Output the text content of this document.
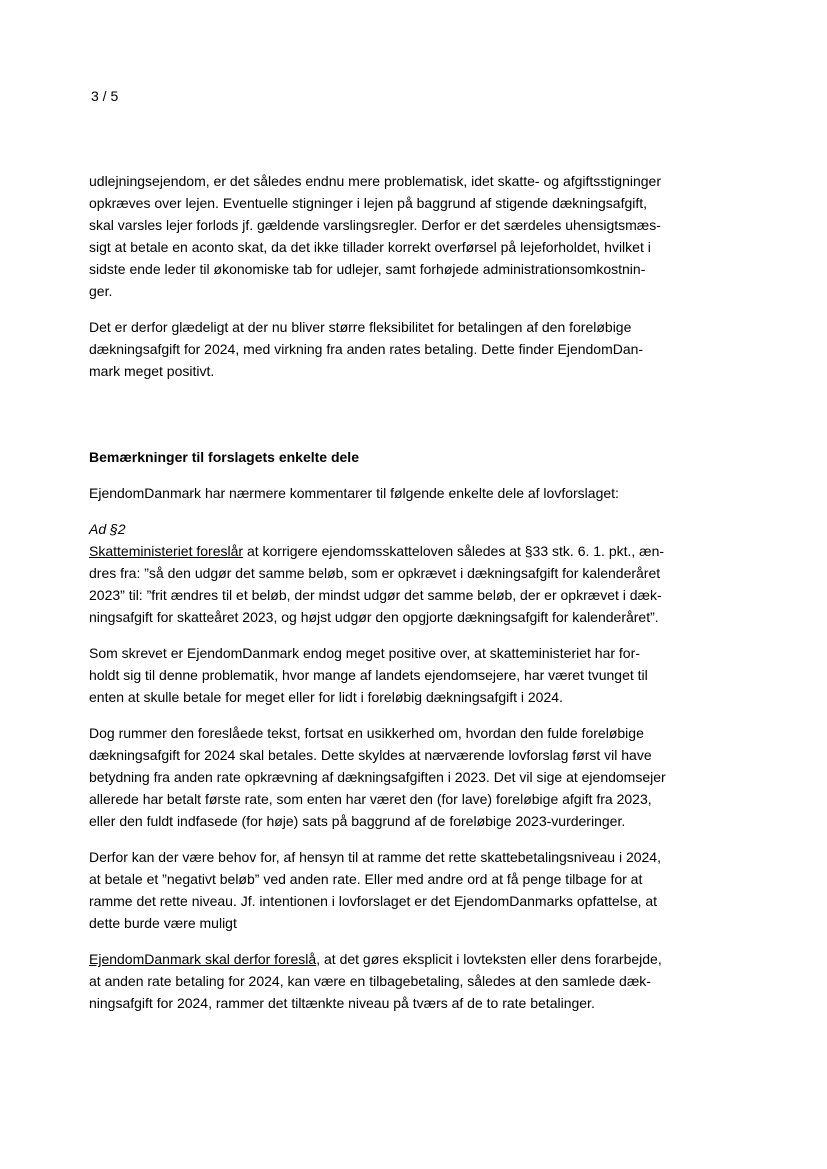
3 / 5

udlejningsejendom, er det således endnu mere problematisk, idet skatte- og afgiftsstigninger
opkræves over lejen. Eventuelle stigninger i lejen på baggrund af stigende dækningsafgift,
skal varsles lejer forlods jf. gældende varslingsregler. Derfor er det særdeles uhensigtsmæs-
sigt at betale en aconto skat, da det ikke tillader korrekt overførsel på lejeforholdet, hvilket i
sidste ende leder til økonomiske tab for udlejer, samt forhøjede administrationsomkostnin-
ger.

Det er derfor glædeligt at der nu bliver større fleksibilitet for betalingen af den foreløbige
dækningsafgift for 2024, med virkning fra anden rates betaling. Dette finder EjendomDan-
mark meget positivt.

Bemærkninger til forslagets enkelte dele

EjendomDanmark har nærmere kommentarer til følgende enkelte dele af lovforslaget:

Ad §2

Skatteministeriet foreslår at korrigere ejendomsskatteloven således at §33 stk. 6. 1. pkt., æn-
dres fra: ”så den udgør det samme beløb, som er opkrævet i dækningsafgift for kalenderåret
2023” til: ”frit ændres til et beløb, der mindst udgør det samme beløb, der er opkrævet i dæk-
ningsafgift for skatteåret 2023, og højst udgør den opgjorte dækningsafgift for kalenderåret”.

Som skrevet er EjendomDanmark endog meget positive over, at skatteministeriet har for-
holdt sig til denne problematik, hvor mange af landets ejendomsejere, har været tvunget til
enten at skulle betale for meget eller for lidt i foreløbig dækningsafgift i 2024.

Dog rummer den foreslåede tekst, fortsat en usikkerhed om, hvordan den fulde foreløbige
dækningsafgift for 2024 skal betales. Dette skyldes at nærværende lovforslag først vil have
betydning fra anden rate opkrævning af dækningsafgiften i 2023. Det vil sige at ejendomsejer
allerede har betalt første rate, som enten har været den (for lave) foreløbige afgift fra 2023,
eller den fuldt indfasede (for høje) sats på baggrund af de foreløbige 2023-vurderinger.

Derfor kan der være behov for, af hensyn til at ramme det rette skattebetalingsniveau i 2024,
at betale et ”negativt beløb” ved anden rate. Eller med andre ord at få penge tilbage for at
ramme det rette niveau. Jf. intentionen i lovforslaget er det EjendomDanmarks opfattelse, at
dette burde være muligt

EjendomDanmark skal derfor foreslå, at det gøres eksplicit i lovteksten eller dens forarbejde,
at anden rate betaling for 2024, kan være en tilbagebetaling, således at den samlede dæk-
ningsafgift for 2024, rammer det tiltænkte niveau på tværs af de to rate betalinger.
